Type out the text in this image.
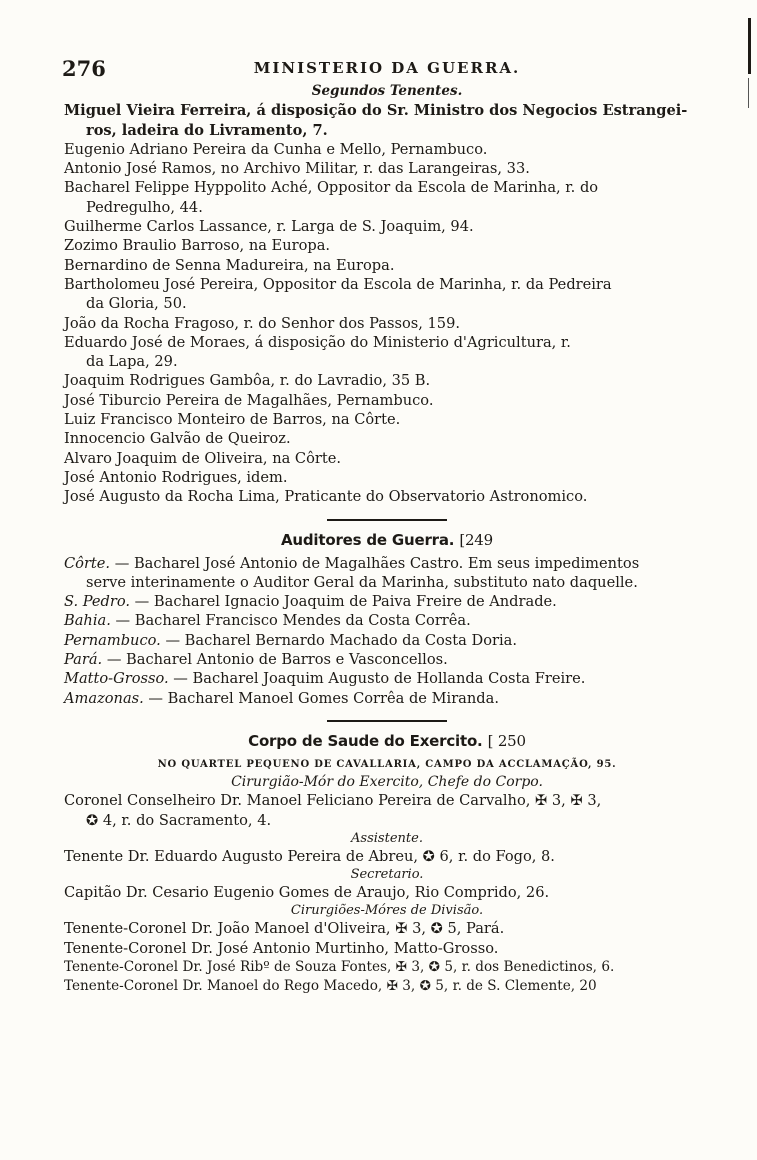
276	MINISTERIO DA GUERRA.
Segundos Tenentes.
Miguel Vieira Ferreira, á disposição do Sr. Ministro dos Negocios Estrangei-
ros, ladeira do Livramento, 7.
Eugenio Adriano Pereira da Cunha e Mello, Pernambuco.
Antonio José Ramos, no Archivo Militar, r. das Larangeiras, 33.
Bacharel Felippe Hyppolito Aché, Oppositor da Escola de Marinha, r. do
Pedregulho, 44.
Guilherme Carlos Lassance, r. Larga de S. Joaquim, 94.
Zozimo Braulio Barroso, na Europa.
Bernardino de Senna Madureira, na Europa.
Bartholomeu José Pereira, Oppositor da Escola de Marinha, r. da Pedreira
da Gloria, 50.
João da Rocha Fragoso, r. do Senhor dos Passos, 159.
Eduardo José de Moraes, á disposição do Ministerio d'Agricultura, r.
da Lapa, 29.
Joaquim Rodrigues Gambôa, r. do Lavradio, 35 B.
José Tiburcio Pereira de Magalhães, Pernambuco.
Luiz Francisco Monteiro de Barros, na Côrte.
Innocencio Galvão de Queiroz.
Alvaro Joaquim de Oliveira, na Côrte.
José Antonio Rodrigues, idem.
José Augusto da Rocha Lima, Praticante do Observatorio Astronomico.
Auditores de Guerra. [249
Côrte. — Bacharel José Antonio de Magalhães Castro. Em seus impedimentos
serve interinamente o Auditor Geral da Marinha, substituto nato daquelle.
S. Pedro. — Bacharel Ignacio Joaquim de Paiva Freire de Andrade.
Bahia. — Bacharel Francisco Mendes da Costa Corrêa.
Pernambuco. — Bacharel Bernardo Machado da Costa Doria.
Pará. — Bacharel Antonio de Barros e Vasconcellos.
Matto-Grosso. — Bacharel Joaquim Augusto de Hollanda Costa Freire.
Amazonas. — Bacharel Manoel Gomes Corrêa de Miranda.
Corpo de Saude do Exercito. [ 250
NO QUARTEL PEQUENO DE CAVALLARIA, CAMPO DA ACCLAMAÇÃO, 95.
Cirurgião-Mór do Exercito, Chefe do Corpo.
Coronel Conselheiro Dr. Manoel Feliciano Pereira de Carvalho, ✠ 3, ✠ 3,
✪ 4, r. do Sacramento, 4.
Assistente.
Tenente Dr. Eduardo Augusto Pereira de Abreu, ✪ 6, r. do Fogo, 8.
Secretario.
Capitão Dr. Cesario Eugenio Gomes de Araujo, Rio Comprido, 26.
Cirurgiões-Móres de Divisão.
Tenente-Coronel Dr. João Manoel d'Oliveira, ✠ 3, ✪ 5, Pará.
Tenente-Coronel Dr. José Antonio Murtinho, Matto-Grosso.
Tenente-Coronel Dr. José Ribº de Souza Fontes, ✠ 3, ✪ 5, r. dos Benedictinos, 6.
Tenente-Coronel Dr. Manoel do Rego Macedo, ✠ 3, ✪ 5, r. de S. Clemente, 20
